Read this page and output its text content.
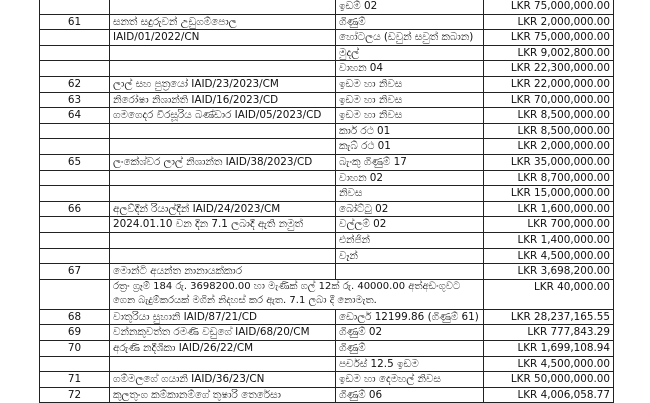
		ඉඩම් 02	LKR 75,000,000.00
61	සනත් සදුරුවන් උඩුගම්පොල	ගිණුම්	LKR 2,000,000.00
	IAID/01/2022/CN	හෝටලය (ඩවුන් සවුත් කබාන)	LKR 75,000,000.00
		මුදල්	LKR 9,002,800.00
		වාහන 04	LKR 22,300,000.00
62	ලාල් සහ පුත්‍රයෝ IAID/23/2023/CM	ඉඩම හා නිවස	LKR 22,000,000.00
63	නිරෝෂා නිශාන්ති IAID/16/2023/CD	ඉඩම හා නිවස	LKR 70,000,000.00
64	ගමගෙදර වීරසූරිය බණ්ඩාර IAID/05/2023/CD	ඉඩම හා නිවස	LKR 8,500,000.00
		කාර් රථ 01	LKR 8,500,000.00
		කැබ් රථ 01	LKR 2,000,000.00
65	ලංකේශ්වර ලාල් නිශාන්ත IAID/38/2023/CD	බැංකු ගිණුම් 17	LKR 35,000,000.00
		වාහන 02	LKR 8,700,000.00
		නිවස	LKR 15,000,000.00
66	අලව්දීන් රියාල්දීන් IAID/24/2023/CM	බෝට්ටු 02	LKR 1,600,000.00
	2024.01.10 වන දින 7.1 ලබාදී ඇති නමුත්	වල්ලම් 02	LKR 700,000.00
		එන්ජින්	LKR 1,400,000.00
		වෑන්	LKR 4,500,000.00
67	මොන්ටි අයන්ත නානායක්කාර		LKR 3,698,200.00
	රත්‍රං ග්‍රෑම් 184 රු. 3698200.00 හා මැණික් ගල් 12ක් රු. 40000.00 අත්අඩංගුවට ගෙන බැදුම්කරයක් මගින් නිදහස් කර ඇත. 7.1 ලබා දී නොමැත.		LKR 40,000.00
68	වාතුරියා සුහානි IAID/87/21/CD	ඩොලර් 12199.86 (ගිණුම් 61)	LKR 28,237,165.55
69	වන්නකුවත්ත රමණි වඩුගේ IAID/68/20/CM	ගිණුම් 02	LKR 777,843.29
70	අරුණි නදීශිකා IAID/26/22/CM	ගිණුම්	LKR 1,699,108.94
		පර්චස් 12.5 ඉඩම	LKR 4,500,000.00
71	ගම්මලගේ ගයානි IAID/36/23/CN	ඉඩම හා දෙමහල් නිවස	LKR 50,000,000.00
72	කුලතුංග කම්කානම්ගේ තුෂාරි තෙරේසා	ගිණුම් 06	LKR 4,006,058.77
